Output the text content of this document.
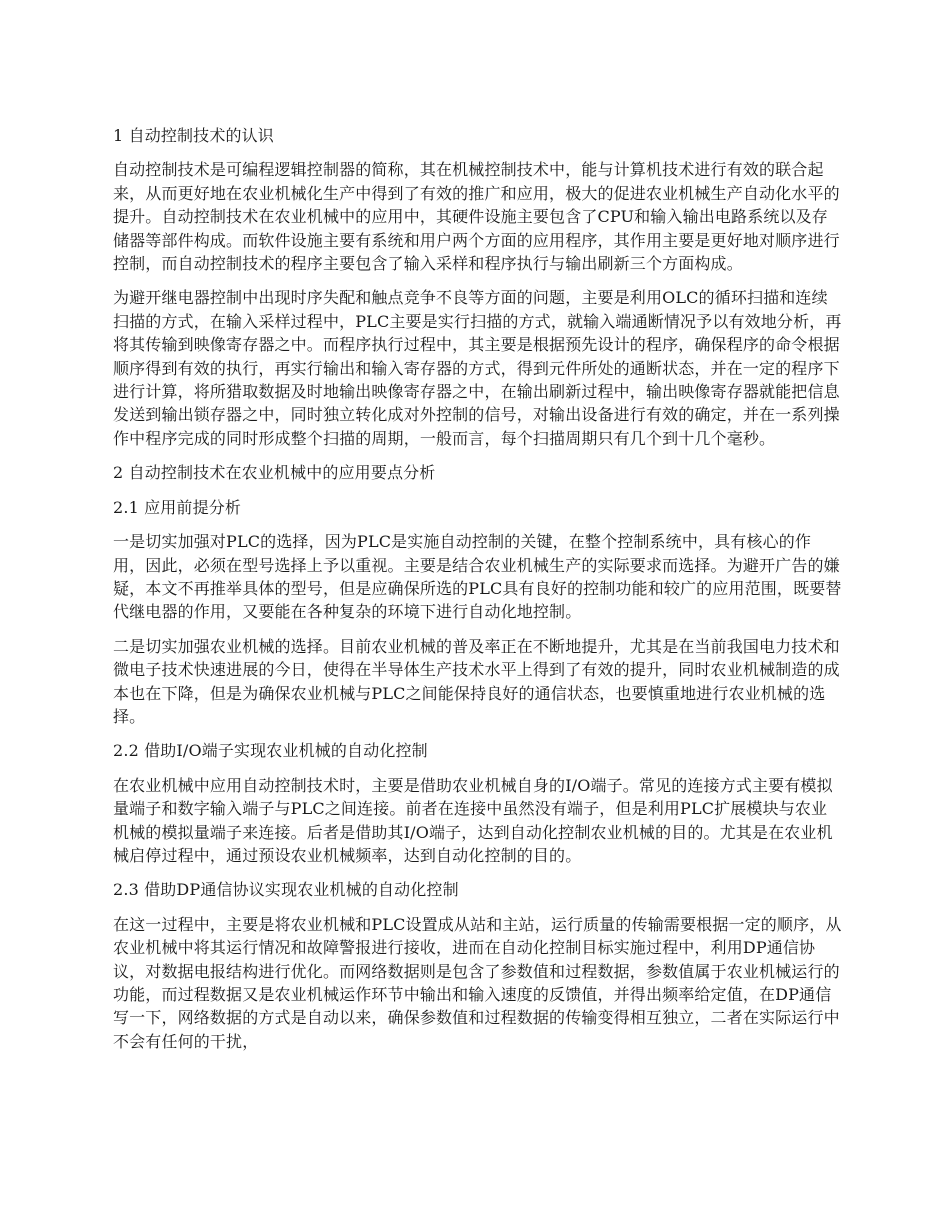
1 自动控制技术的认识

自动控制技术是可编程逻辑控制器的简称，其在机械控制技术中，能与计算机技术进行有效的联合起来，从而更好地在农业机械化生产中得到了有效的推广和应用，极大的促进农业机械生产自动化水平的提升。自动控制技术在农业机械中的应用中，其硬件设施主要包含了CPU和输入输出电路系统以及存储器等部件构成。而软件设施主要有系统和用户两个方面的应用程序，其作用主要是更好地对顺序进行控制，而自动控制技术的程序主要包含了输入采样和程序执行与输出刷新三个方面构成。

为避开继电器控制中出现时序失配和触点竞争不良等方面的问题，主要是利用OLC的循环扫描和连续扫描的方式，在输入采样过程中，PLC主要是实行扫描的方式，就输入端通断情况予以有效地分析，再将其传输到映像寄存器之中。而程序执行过程中，其主要是根据预先设计的程序，确保程序的命令根据顺序得到有效的执行，再实行输出和输入寄存器的方式，得到元件所处的通断状态，并在一定的程序下进行计算，将所猎取数据及时地输出映像寄存器之中，在输出刷新过程中，输出映像寄存器就能把信息发送到输出锁存器之中，同时独立转化成对外控制的信号，对输出设备进行有效的确定，并在一系列操作中程序完成的同时形成整个扫描的周期，一般而言，每个扫描周期只有几个到十几个毫秒。

2 自动控制技术在农业机械中的应用要点分析

2.1 应用前提分析

一是切实加强对PLC的选择，因为PLC是实施自动控制的关键，在整个控制系统中，具有核心的作用，因此，必须在型号选择上予以重视。主要是结合农业机械生产的实际要求而选择。为避开广告的嫌疑，本文不再推举具体的型号，但是应确保所选的PLC具有良好的控制功能和较广的应用范围，既要替代继电器的作用，又要能在各种复杂的环境下进行自动化地控制。

二是切实加强农业机械的选择。目前农业机械的普及率正在不断地提升，尤其是在当前我国电力技术和微电子技术快速进展的今日，使得在半导体生产技术水平上得到了有效的提升，同时农业机械制造的成本也在下降，但是为确保农业机械与PLC之间能保持良好的通信状态，也要慎重地进行农业机械的选择。

2.2 借助I/O端子实现农业机械的自动化控制

在农业机械中应用自动控制技术时，主要是借助农业机械自身的I/O端子。常见的连接方式主要有模拟量端子和数字输入端子与PLC之间连接。前者在连接中虽然没有端子，但是利用PLC扩展模块与农业机械的模拟量端子来连接。后者是借助其I/O端子，达到自动化控制农业机械的目的。尤其是在农业机械启停过程中，通过预设农业机械频率，达到自动化控制的目的。

2.3 借助DP通信协议实现农业机械的自动化控制

在这一过程中，主要是将农业机械和PLC设置成从站和主站，运行质量的传输需要根据一定的顺序，从农业机械中将其运行情况和故障警报进行接收，进而在自动化控制目标实施过程中，利用DP通信协议，对数据电报结构进行优化。而网络数据则是包含了参数值和过程数据，参数值属于农业机械运行的功能，而过程数据又是农业机械运作环节中输出和输入速度的反馈值，并得出频率给定值，在DP通信写一下，网络数据的方式是自动以来，确保参数值和过程数据的传输变得相互独立，二者在实际运行中不会有任何的干扰，
